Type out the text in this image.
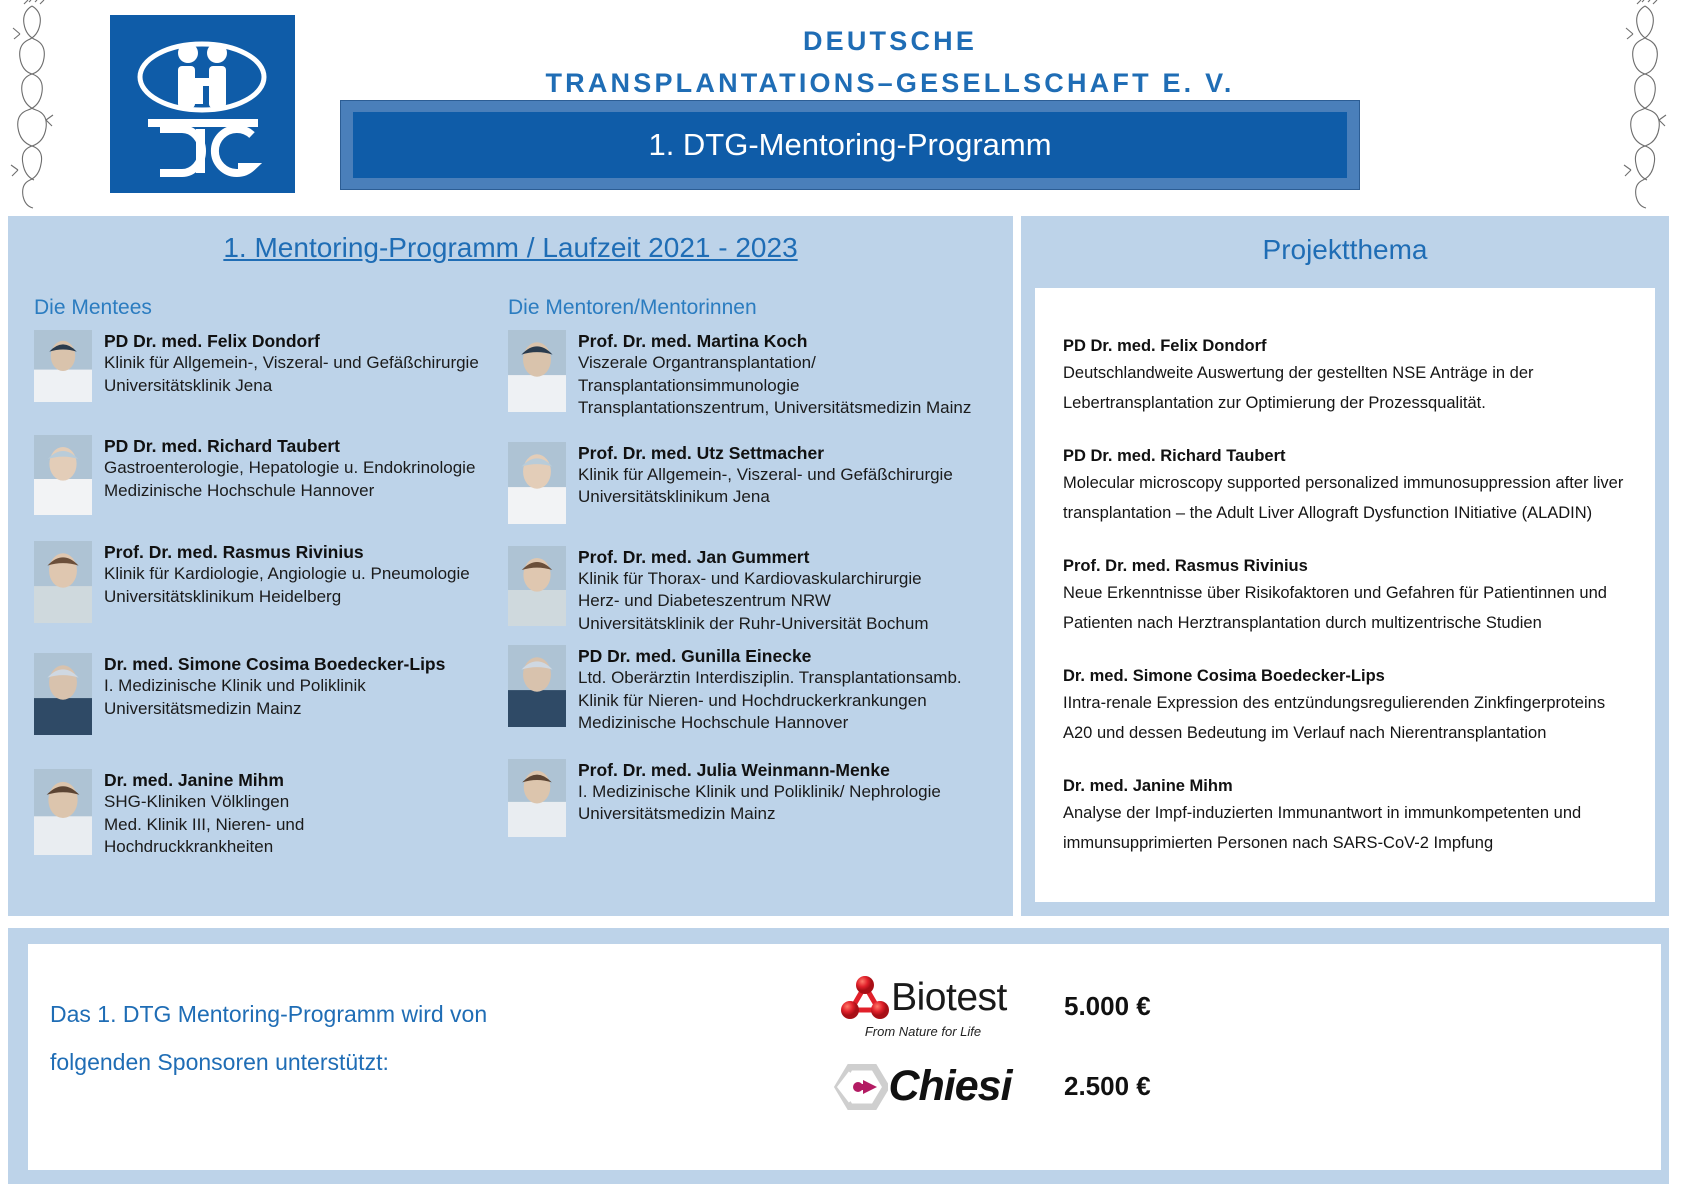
DEUTSCHE
TRANSPLANTATIONS–GESELLSCHAFT E. V.
1. DTG-Mentoring-Programm
1. Mentoring-Programm / Laufzeit 2021 - 2023
Die Mentees
PD Dr. med. Felix Dondorf
Klinik für Allgemein-, Viszeral- und Gefäßchirurgie
Universitätsklinik Jena
PD Dr. med. Richard Taubert
Gastroenterologie, Hepatologie u. Endokrinologie
Medizinische Hochschule Hannover
Prof. Dr. med. Rasmus Rivinius
Klinik für Kardiologie, Angiologie u. Pneumologie
Universitätsklinikum Heidelberg
Dr. med. Simone Cosima Boedecker-Lips
I. Medizinische Klinik und Poliklinik
Universitätsmedizin Mainz
Dr. med. Janine Mihm
SHG-Kliniken Völklingen
Med. Klinik III, Nieren- und
Hochdruckkrankheiten
Die Mentoren/Mentorinnen
Prof. Dr. med. Martina Koch
Viszerale Organtransplantation/
Transplantationsimmunologie
Transplantationszentrum, Universitätsmedizin Mainz
Prof. Dr. med. Utz Settmacher
Klinik für Allgemein-, Viszeral- und Gefäßchirurgie
Universitätsklinikum Jena
Prof. Dr. med. Jan Gummert
Klinik für Thorax- und Kardiovaskularchirurgie
Herz- und Diabeteszentrum NRW
Universitätsklinik der Ruhr-Universität Bochum
PD Dr. med. Gunilla Einecke
Ltd. Oberärztin Interdisziplin. Transplantationsamb.
Klinik für Nieren- und Hochdruckerkrankungen
Medizinische Hochschule Hannover
Prof. Dr. med. Julia Weinmann-Menke
I. Medizinische Klinik und Poliklinik/ Nephrologie
Universitätsmedizin Mainz
Projektthema
PD Dr. med. Felix Dondorf
Deutschlandweite Auswertung der gestellten NSE Anträge in der Lebertransplantation zur Optimierung der Prozessqualität.
PD Dr. med. Richard Taubert
Molecular microscopy supported personalized immunosuppression after liver transplantation – the Adult Liver Allograft Dysfunction INitiative (ALADIN)
Prof. Dr. med. Rasmus Rivinius
Neue Erkenntnisse über Risikofaktoren und Gefahren für Patientinnen und Patienten nach Herztransplantation durch multizentrische Studien
Dr. med. Simone Cosima Boedecker-Lips
IIntra-renale Expression des entzündungsregulierenden Zinkfingerproteins A20 und dessen Bedeutung im Verlauf nach Nierentransplantation
Dr. med. Janine Mihm
Analyse der Impf-induzierten Immunantwort in immunkompetenten und immunsupprimierten Personen nach SARS-CoV-2 Impfung
Das 1. DTG Mentoring-Programm wird von
folgenden Sponsoren unterstützt:
Biotest
From Nature for Life
5.000 €
Chiesi 2.500 €
